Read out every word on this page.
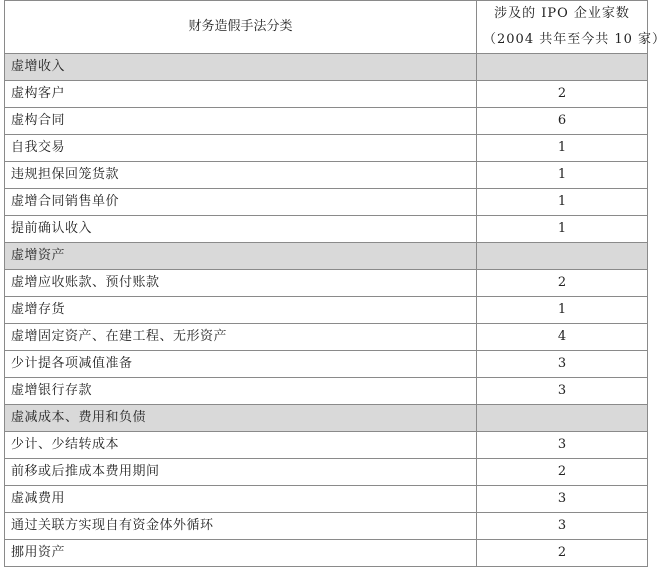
财务造假手法分类	涉及的 IPO 企业家数
（2004 共年至今共 10 家）

虚增收入	
虚构客户	2
虚构合同	6
自我交易	1
违规担保回笼货款	1
虚增合同销售单价	1
提前确认收入	1
虚增资产	
虚增应收账款、预付账款	2
虚增存货	1
虚增固定资产、在建工程、无形资产	4
少计提各项减值准备	3
虚增银行存款	3
虚减成本、费用和负债	
少计、少结转成本	3
前移或后推成本费用期间	2
虚减费用	3
通过关联方实现自有资金体外循环	3
挪用资产	2
